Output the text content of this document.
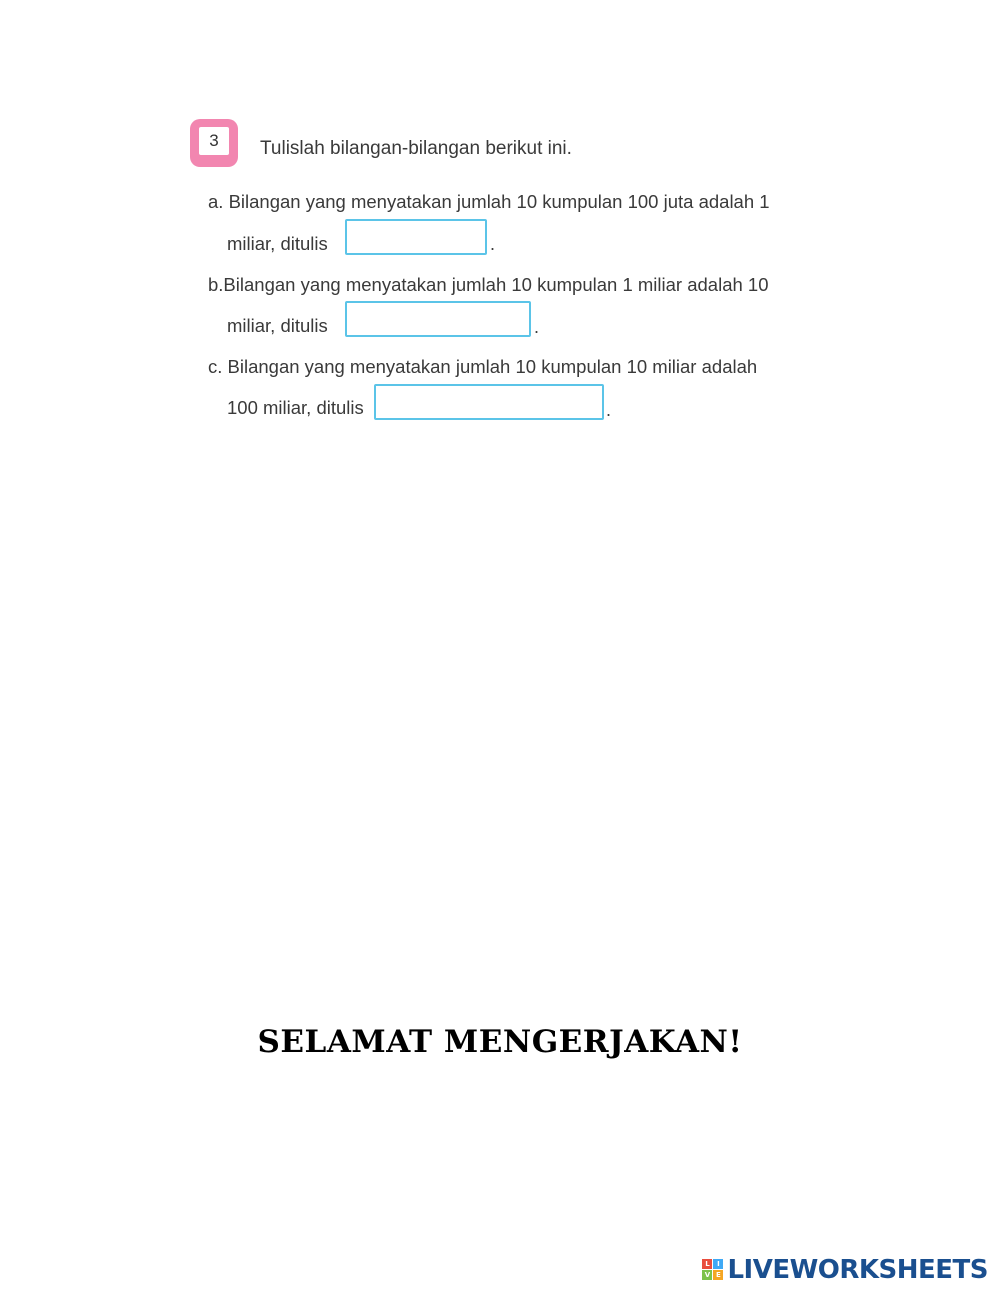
3	Tulislah bilangan-bilangan berikut ini.
a. Bilangan yang menyatakan jumlah 10 kumpulan 100 juta adalah 1
miliar, ditulis	.
b.Bilangan yang menyatakan jumlah 10 kumpulan 1 miliar adalah 10
miliar, ditulis	.
c. Bilangan yang menyatakan jumlah 10 kumpulan 10 miliar adalah
100 miliar, ditulis	.
SELAMAT MENGERJAKAN!
L	I
V E LIVEWORKSHEETS
